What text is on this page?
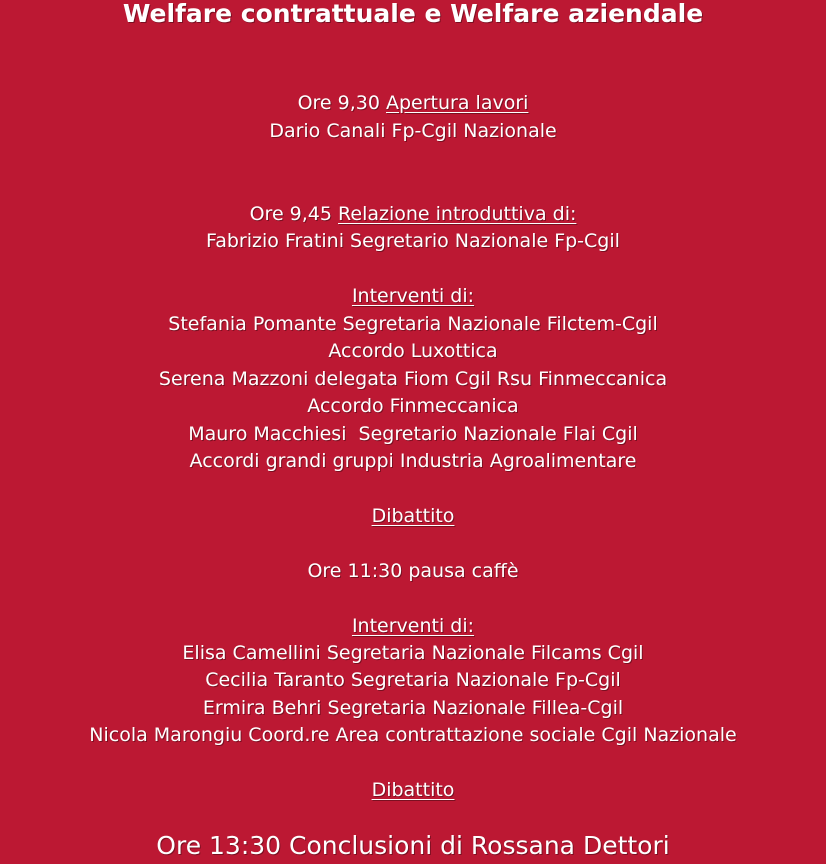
Welfare contrattuale e Welfare aziendale
Ore 9,30 Apertura lavori
Dario Canali Fp-Cgil Nazionale
Ore 9,45 Relazione introduttiva di:
Fabrizio Fratini Segretario Nazionale Fp-Cgil
Interventi di:
Stefania Pomante Segretaria Nazionale Filctem-Cgil
Accordo Luxottica
Serena Mazzoni delegata Fiom Cgil Rsu Finmeccanica
Accordo Finmeccanica
Mauro Macchiesi  Segretario Nazionale Flai Cgil
Accordi grandi gruppi Industria Agroalimentare
Dibattito
Ore 11:30 pausa caffè
Interventi di:
Elisa Camellini Segretaria Nazionale Filcams Cgil
Cecilia Taranto Segretaria Nazionale Fp-Cgil
Ermira Behri Segretaria Nazionale Fillea-Cgil
Nicola Marongiu Coord.re Area contrattazione sociale Cgil Nazionale
Dibattito
Ore 13:30 Conclusioni di Rossana Dettori
